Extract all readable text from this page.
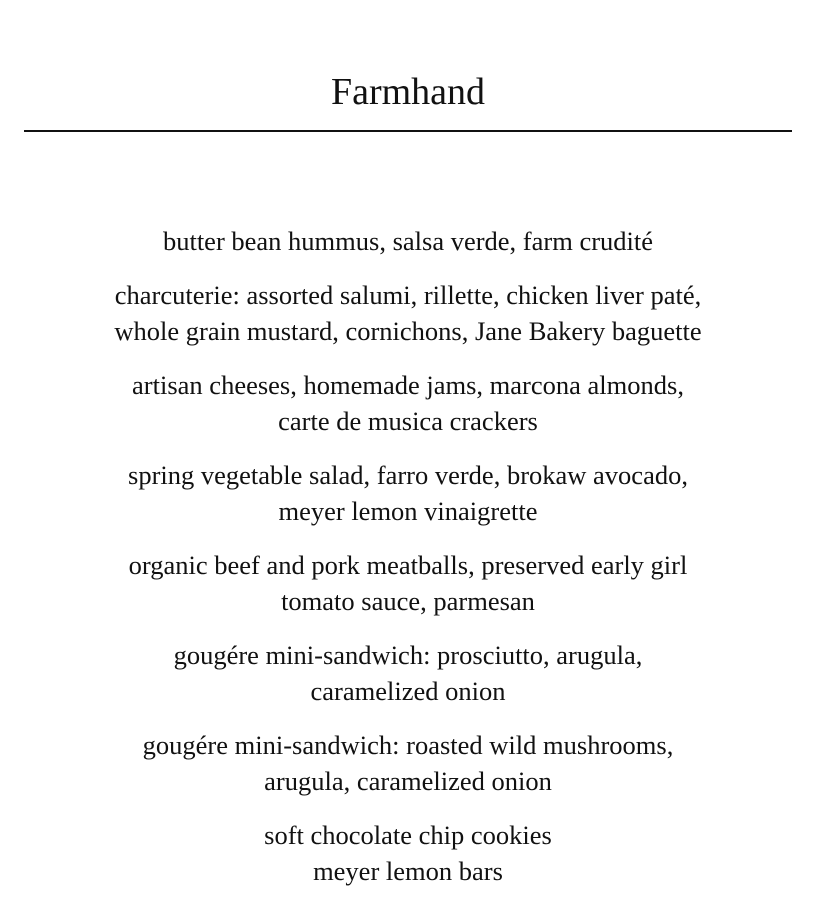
Farmhand
butter bean hummus, salsa verde, farm crudité
charcuterie: assorted salumi, rillette, chicken liver paté,
whole grain mustard, cornichons, Jane Bakery baguette
artisan cheeses, homemade jams, marcona almonds,
carte de musica crackers
spring vegetable salad, farro verde, brokaw avocado,
meyer lemon vinaigrette
organic beef and pork meatballs, preserved early girl
tomato sauce, parmesan
gougére mini-sandwich: prosciutto, arugula,
caramelized onion
gougére mini-sandwich: roasted wild mushrooms,
arugula, caramelized onion
soft chocolate chip cookies
meyer lemon bars
